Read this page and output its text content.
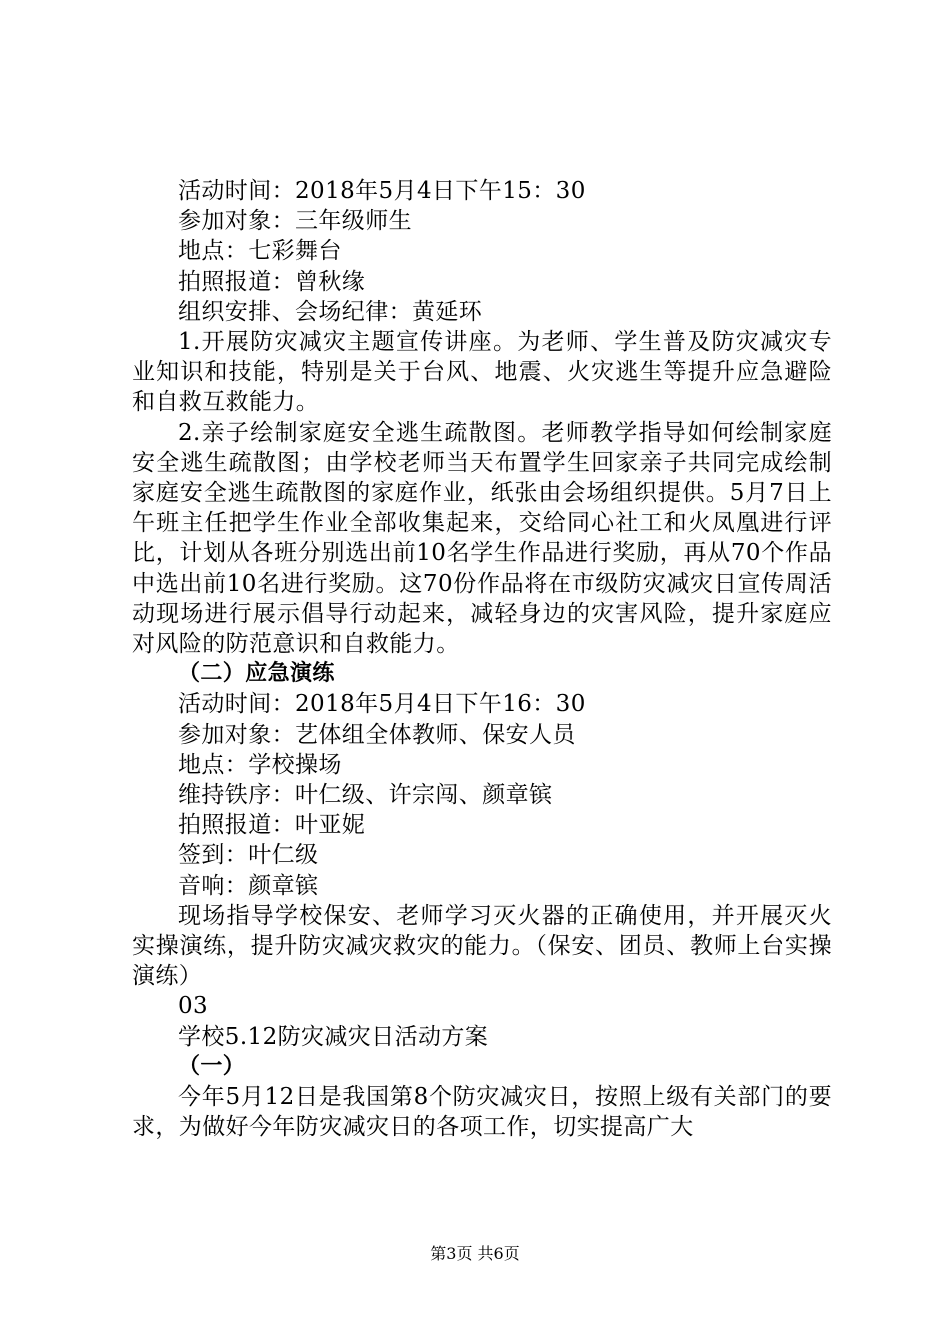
活动时间：2018年5月4日下午15：30

参加对象：三年级师生

地点：七彩舞台

拍照报道：曾秋缘

组织安排、会场纪律：黄延环

1.开展防灾减灾主题宣传讲座。为老师、学生普及防灾减灾专业知识和技能，特别是关于台风、地震、火灾逃生等提升应急避险和自救互救能力。

2.亲子绘制家庭安全逃生疏散图。老师教学指导如何绘制家庭安全逃生疏散图；由学校老师当天布置学生回家亲子共同完成绘制家庭安全逃生疏散图的家庭作业，纸张由会场组织提供。5月7日上午班主任把学生作业全部收集起来，交给同心社工和火凤凰进行评比，计划从各班分别选出前10名学生作品进行奖励，再从70个作品中选出前10名进行奖励。这70份作品将在市级防灾减灾日宣传周活动现场进行展示倡导行动起来，减轻身边的灾害风险，提升家庭应对风险的防范意识和自救能力。

（二）应急演练

活动时间：2018年5月4日下午16：30

参加对象：艺体组全体教师、保安人员

地点：学校操场

维持铁序：叶仁级、许宗闯、颜章镔

拍照报道：叶亚妮

签到：叶仁级

音响：颜章镔

现场指导学校保安、老师学习灭火器的正确使用，并开展灭火实操演练，提升防灾减灾救灾的能力。（保安、团员、教师上台实操演练）

03

学校5.12防灾减灾日活动方案

（一）

今年5月12日是我国第8个防灾减灾日，按照上级有关部门的要求，为做好今年防灾减灾日的各项工作，切实提高广大

第3页 共6页
